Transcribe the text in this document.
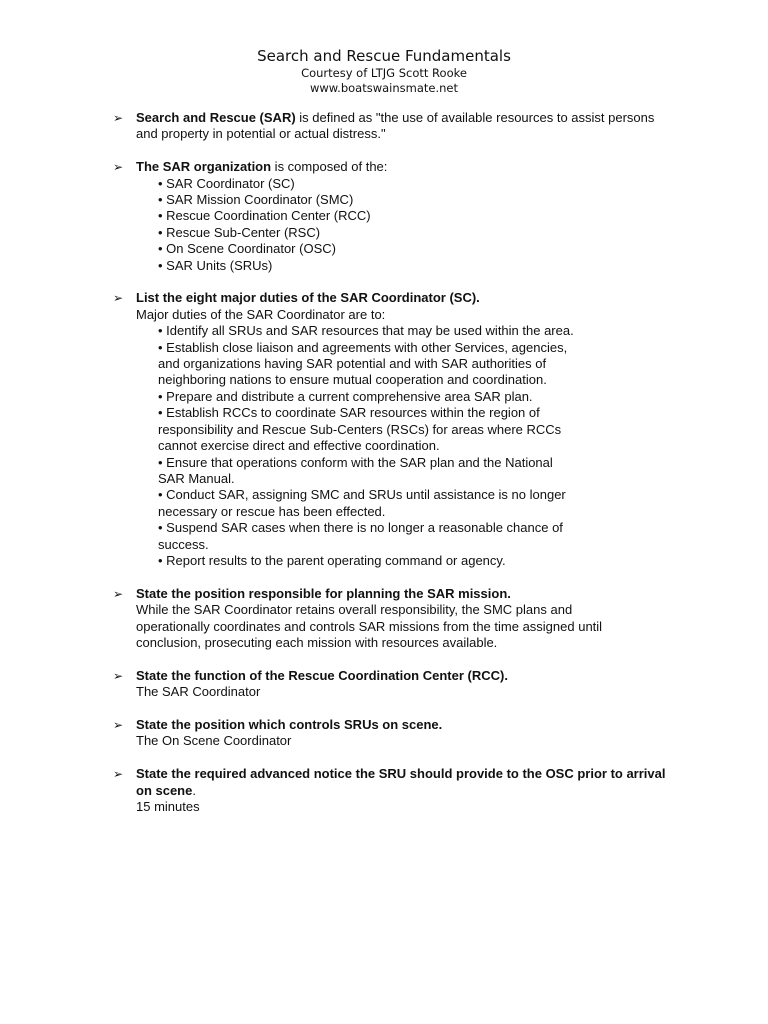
Search and Rescue Fundamentals
Courtesy of LTJG Scott Rooke
www.boatswainsmate.net
➢ Search and Rescue (SAR) is defined as "the use of available resources to assist persons and property in potential or actual distress."

➢ The SAR organization is composed of the:

• SAR Coordinator (SC)
• SAR Mission Coordinator (SMC)
• Rescue Coordination Center (RCC)
• Rescue Sub-Center (RSC)
• On Scene Coordinator (OSC)
• SAR Units (SRUs)
➢ List the eight major duties of the SAR Coordinator (SC).

Major duties of the SAR Coordinator are to:

• Identify all SRUs and SAR resources that may be used within the area.
• Establish close liaison and agreements with other Services, agencies, and organizations having SAR potential and with SAR authorities of neighboring nations to ensure mutual cooperation and coordination.
• Prepare and distribute a current comprehensive area SAR plan.
• Establish RCCs to coordinate SAR resources within the region of responsibility and Rescue Sub-Centers (RSCs) for areas where RCCs cannot exercise direct and effective coordination.
• Ensure that operations conform with the SAR plan and the National SAR Manual.
• Conduct SAR, assigning SMC and SRUs until assistance is no longer necessary or rescue has been effected.
• Suspend SAR cases when there is no longer a reasonable chance of success.
• Report results to the parent operating command or agency.
➢ State the position responsible for planning the SAR mission.

While the SAR Coordinator retains overall responsibility, the SMC plans and operationally coordinates and controls SAR missions from the time assigned until conclusion, prosecuting each mission with resources available.

➢ State the function of the Rescue Coordination Center (RCC).

The SAR Coordinator

➢ State the position which controls SRUs on scene.

The On Scene Coordinator

➢ State the required advanced notice the SRU should provide to the OSC prior to arrival on scene.

15 minutes
